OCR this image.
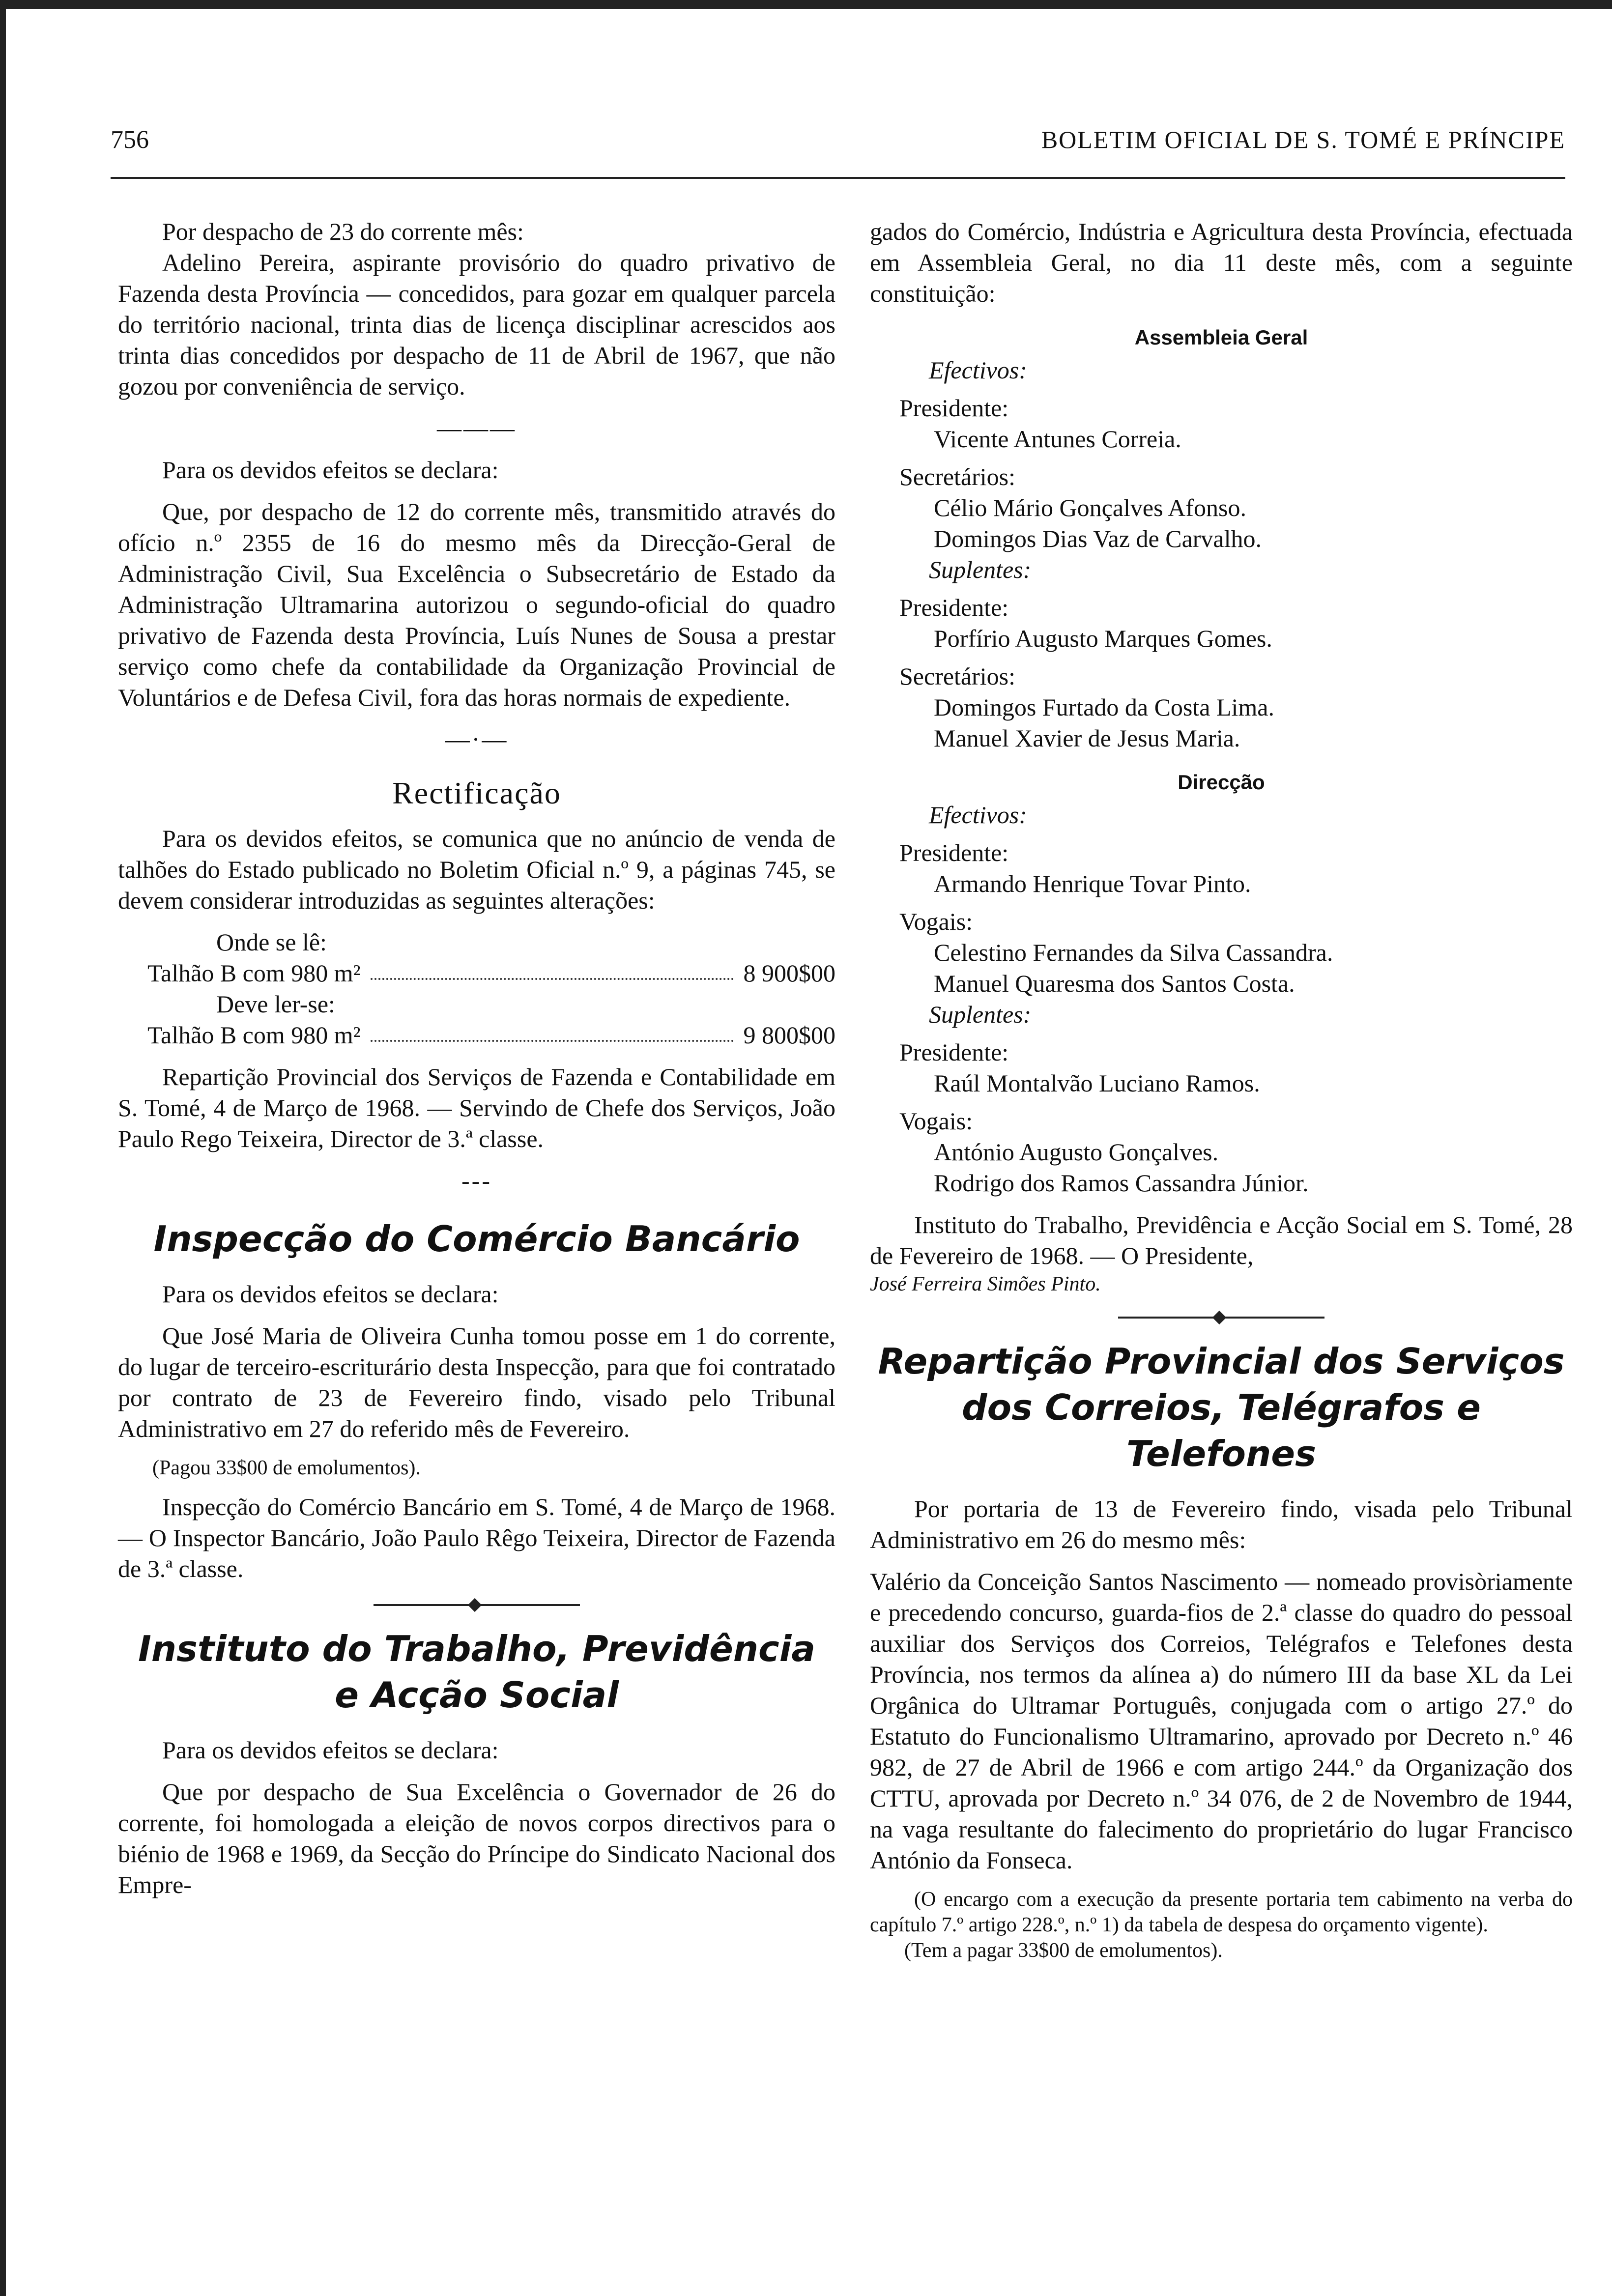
756	BOLETIM OFICIAL DE S. TOMÉ E PRÍNCIPE

Por despacho de 23 do corrente mês:

Adelino Pereira, aspirante provisório do quadro privativo de Fazenda desta Província — concedidos, para gozar em qualquer parcela do território nacional, trinta dias de licença disciplinar acrescidos aos trinta dias concedidos por despacho de 11 de Abril de 1967, que não gozou por conveniência de serviço.

———

Para os devidos efeitos se declara:

Que, por despacho de 12 do corrente mês, transmitido através do ofício n.º 2355 de 16 do mesmo mês da Direcção-Geral de Administração Civil, Sua Excelência o Subsecretário de Estado da Administração Ultramarina autorizou o segundo-oficial do quadro privativo de Fazenda desta Província, Luís Nunes de Sousa a prestar serviço como chefe da contabilidade da Organização Provincial de Voluntários e de Defesa Civil, fora das horas normais de expediente.

—·—

Rectificação

Para os devidos efeitos, se comunica que no anúncio de venda de talhões do Estado publicado no Boletim Oficial n.º 9, a páginas 745, se devem considerar introduzidas as seguintes alterações:

Onde se lê:

Talhão B com 980 m²	8 900$00

Deve ler-se:

Talhão B com 980 m²	9 800$00

Repartição Provincial dos Serviços de Fazenda e Contabilidade em S. Tomé, 4 de Março de 1968. — Servindo de Chefe dos Serviços, João Paulo Rego Teixeira, Director de 3.ª classe.

---

Inspecção do Comércio Bancário

Para os devidos efeitos se declara:

Que José Maria de Oliveira Cunha tomou posse em 1 do corrente, do lugar de terceiro-escriturário desta Inspecção, para que foi contratado por contrato de 23 de Fevereiro findo, visado pelo Tribunal Administrativo em 27 do referido mês de Fevereiro.

(Pagou 33$00 de emolumentos).

Inspecção do Comércio Bancário em S. Tomé, 4 de Março de 1968. — O Inspector Bancário, João Paulo Rêgo Teixeira, Director de Fazenda de 3.ª classe.

Instituto do Trabalho, Previdência

e Acção Social

Para os devidos efeitos se declara:

Que por despacho de Sua Excelência o Governador de 26 do corrente, foi homologada a eleição de novos corpos directivos para o biénio de 1968 e 1969, da Secção do Príncipe do Sindicato Nacional dos Empre-

gados do Comércio, Indústria e Agricultura desta Província, efectuada em Assembleia Geral, no dia 11 deste mês, com a seguinte constituição:

Assembleia Geral

Efectivos:

Presidente:

Vicente Antunes Correia.

Secretários:

Célio Mário Gonçalves Afonso.

Domingos Dias Vaz de Carvalho.

Suplentes:

Presidente:

Porfírio Augusto Marques Gomes.

Secretários:

Domingos Furtado da Costa Lima.

Manuel Xavier de Jesus Maria.

Direcção

Efectivos:

Presidente:

Armando Henrique Tovar Pinto.

Vogais:

Celestino Fernandes da Silva Cassandra.

Manuel Quaresma dos Santos Costa.

Suplentes:

Presidente:

Raúl Montalvão Luciano Ramos.

Vogais:

António Augusto Gonçalves.

Rodrigo dos Ramos Cassandra Júnior.

Instituto do Trabalho, Previdência e Acção Social em S. Tomé, 28 de Fevereiro de 1968. — O Presidente,

José Ferreira Simões Pinto.

Repartição Provincial dos Serviços

dos Correios, Telégrafos e Telefones

Por portaria de 13 de Fevereiro findo, visada pelo Tribunal Administrativo em 26 do mesmo mês:

Valério da Conceição Santos Nascimento — nomeado provisòriamente e precedendo concurso, guarda-fios de 2.ª classe do quadro do pessoal auxiliar dos Serviços dos Correios, Telégrafos e Telefones desta Província, nos termos da alínea a) do número III da base XL da Lei Orgânica do Ultramar Português, conjugada com o artigo 27.º do Estatuto do Funcionalismo Ultramarino, aprovado por Decreto n.º 46 982, de 27 de Abril de 1966 e com artigo 244.º da Organização dos CTTU, aprovada por Decreto n.º 34 076, de 2 de Novembro de 1944, na vaga resultante do falecimento do proprietário do lugar Francisco António da Fonseca.

(O encargo com a execução da presente portaria tem cabimento na verba do capítulo 7.º artigo 228.º, n.º 1) da tabela de despesa do orçamento vigente).

(Tem a pagar 33$00 de emolumentos).
